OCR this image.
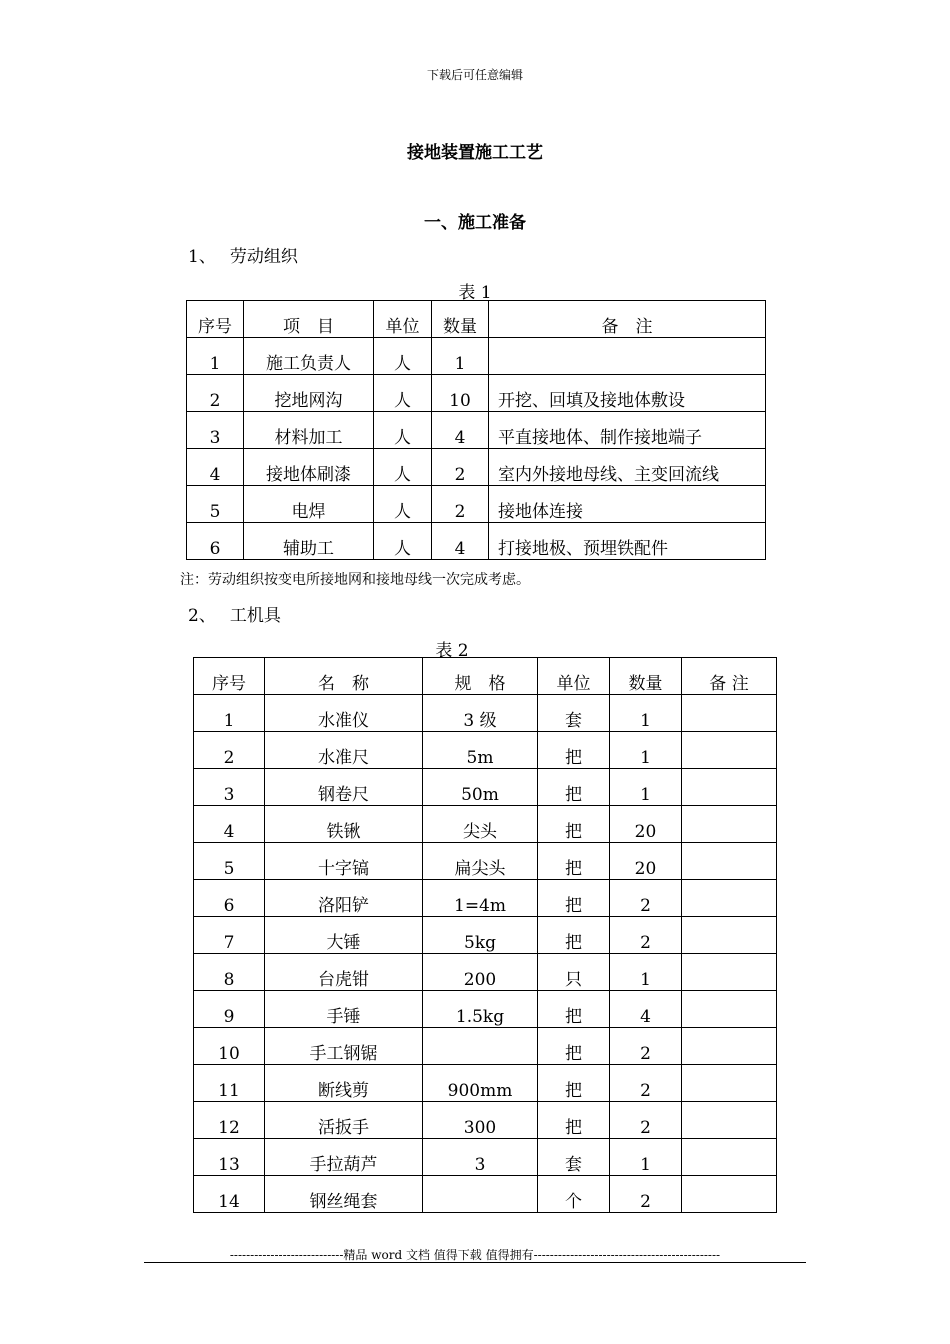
下载后可任意编辑
接地装置施工工艺
一、施工准备
1、 劳动组织
表 1
序号	项　目	单位	数量	备　注
1	施工负责人	人	1	
2	挖地网沟	人	10	开挖、回填及接地体敷设
3	材料加工	人	4	平直接地体、制作接地端子
4	接地体刷漆	人	2	室内外接地母线、主变回流线
5	电焊	人	2	接地体连接
6	辅助工	人	4	打接地极、预埋铁配件
注：劳动组织按变电所接地网和接地母线一次完成考虑。
2、 工机具
表 2
序号	名　称	规　格	单位	数量	备 注
1	水准仪	3 级	套	1	
2	水准尺	5m	把	1	
3	钢卷尺	50m	把	1	
4	铁锹	尖头	把	20	
5	十字镐	扁尖头	把	20	
6	洛阳铲	1=4m	把	2	
7	大锤	5kg	把	2	
8	台虎钳	200	只	1	
9	手锤	1.5kg	把	4	
10	手工钢锯		把	2	
11	断线剪	900mm	把	2	
12	活扳手	300	把	2	
13	手拉葫芦	3	套	1	
14	钢丝绳套		个	2	
----------------------------精品 word 文档 值得下载 值得拥有----------------------------------------------
